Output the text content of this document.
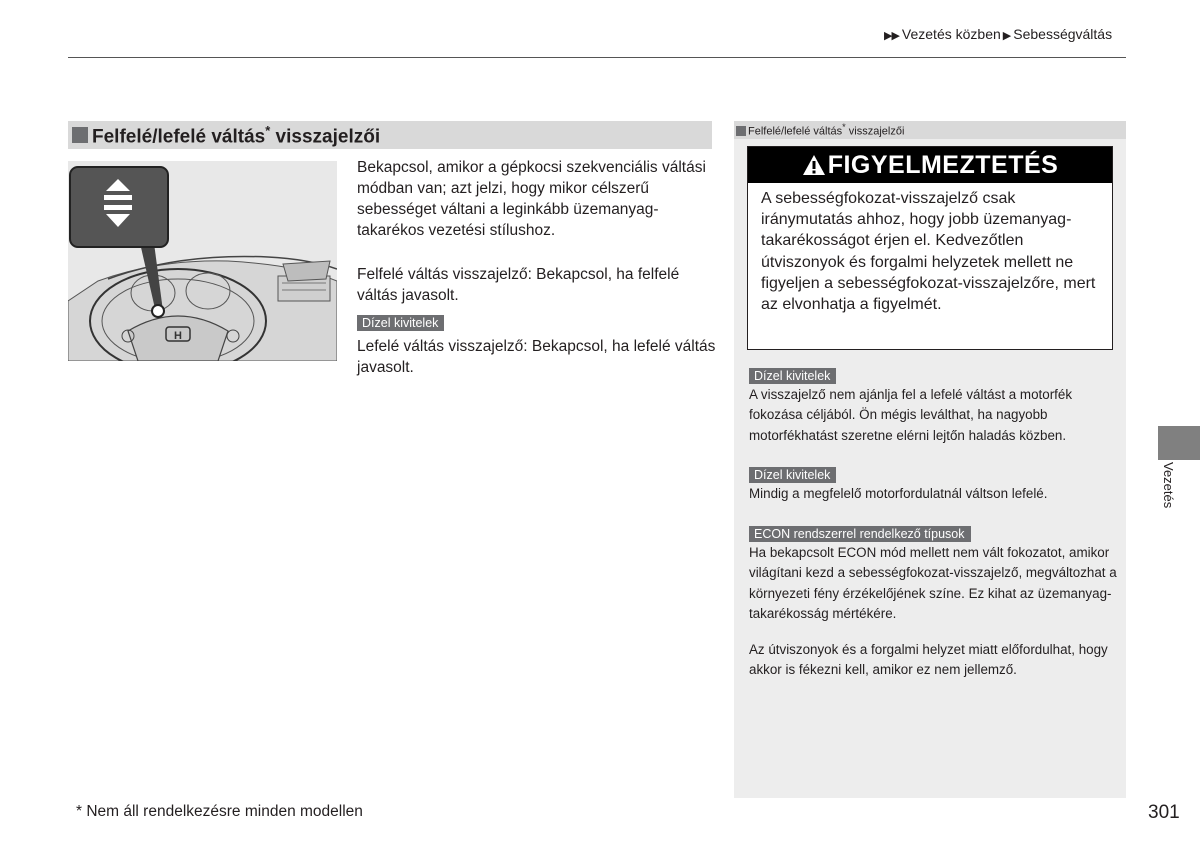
▶▶ Vezetés közben ▶ Sebességváltás
Felfelé/lefelé váltás* visszajelzői
H
Bekapcsol, amikor a gépkocsi szekvenciális váltási módban van; azt jelzi, hogy mikor célszerű sebességet váltani a leginkább üzemanyag-takarékos vezetési stílushoz.
Felfelé váltás visszajelző: Bekapcsol, ha felfelé váltás javasolt.
Dízel kivitelek
Lefelé váltás visszajelző: Bekapcsol, ha lefelé váltás javasolt.
Felfelé/lefelé váltás* visszajelzői
FIGYELMEZTETÉS
A sebességfokozat-visszajelző csak iránymutatás ahhoz, hogy jobb üzemanyag-takarékosságot érjen el. Kedvezőtlen útviszonyok és forgalmi helyzetek mellett ne figyeljen a sebességfokozat-visszajelzőre, mert az elvonhatja a figyelmét.
Dízel kivitelek
A visszajelző nem ajánlja fel a lefelé váltást a motorfék fokozása céljából. Ön mégis leválthat, ha nagyobb motorfékhatást szeretne elérni lejtőn haladás közben.
Dízel kivitelek
Mindig a megfelelő motorfordulatnál váltson lefelé.
ECON rendszerrel rendelkező típusok
Ha bekapcsolt ECON mód mellett nem vált fokozatot, amikor világítani kezd a sebességfokozat-visszajelző, megváltozhat a környezeti fény érzékelőjének színe. Ez kihat az üzemanyag-takarékosság mértékére.
Az útviszonyok és a forgalmi helyzet miatt előfordulhat, hogy akkor is fékezni kell, amikor ez nem jellemző.
Vezetés
* Nem áll rendelkezésre minden modellen	301
